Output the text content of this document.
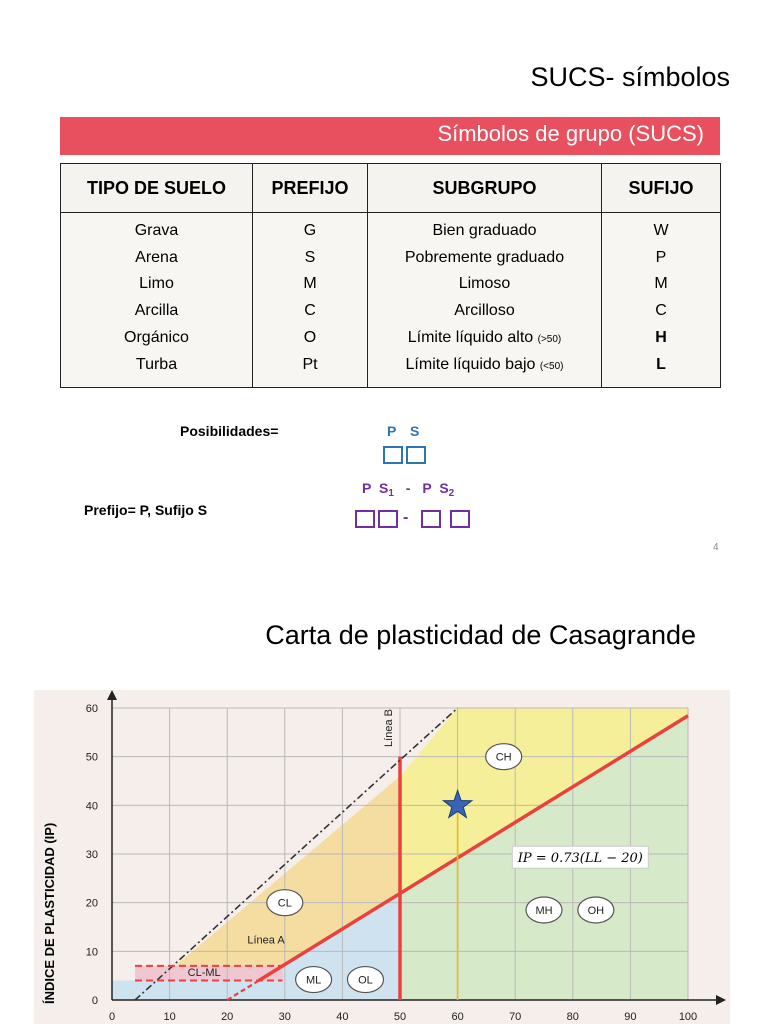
SUCS- símbolos
Símbolos de grupo (SUCS)
TIPO DE SUELO	PREFIJO	SUBGRUPO	SUFIJO
Grava	G	Bien graduado	W
Arena	S	Pobremente graduado	P
Limo	M	Limoso	M
Arcilla	C	Arcilloso	C
Orgánico	O	Límite líquido alto (>50)	H
Turba	Pt	Límite líquido bajo (<50)	L
Posibilidades=	P S
P $S_1$ - P $S_2$
-
Prefijo= P, Sufijo S
4
Carta de plasticidad de Casagrande
ÍNDICE DE PLASTICIDAD (IP)
0	10	20	30	40	50	60	70	80	90	100
0
10
20
30
40
50
60
CH
CL
CL-ML
ML	OL
MH	OH
Línea A
Línea B
IP = 0.73(LL − 20)
